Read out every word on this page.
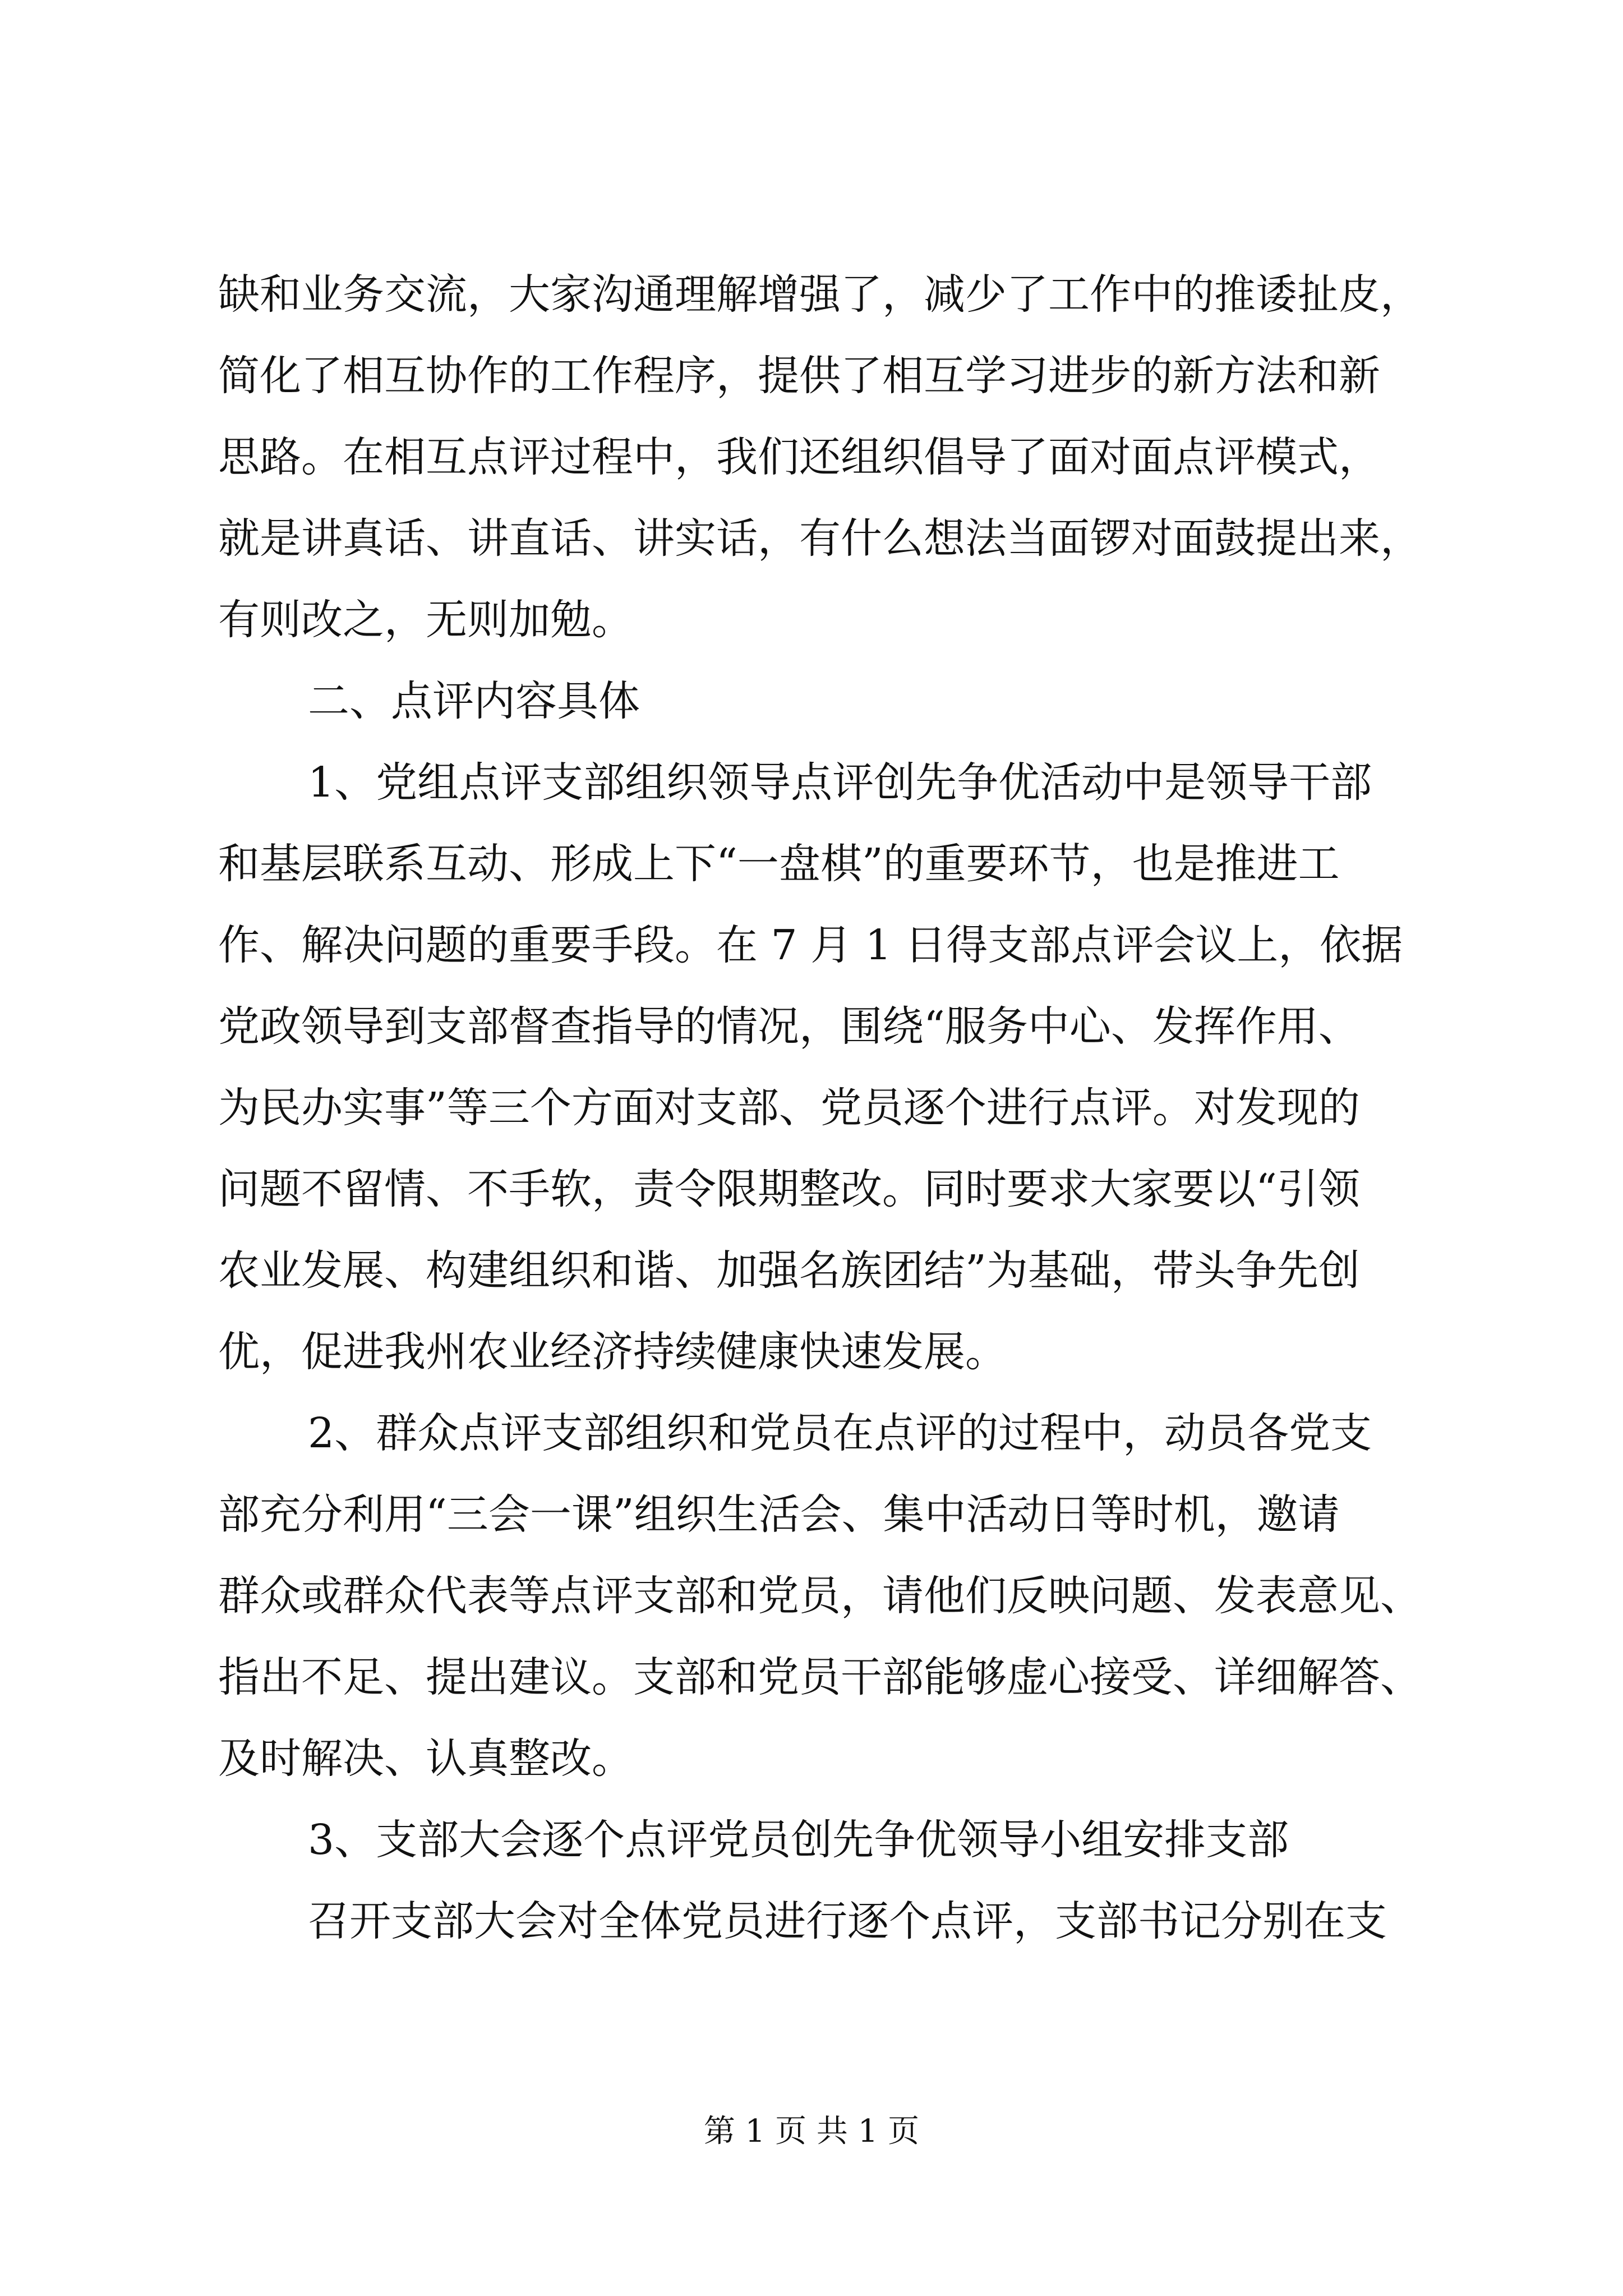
缺和业务交流，大家沟通理解增强了，减少了工作中的推诿扯皮，
简化了相互协作的工作程序，提供了相互学习进步的新方法和新
思路。在相互点评过程中，我们还组织倡导了面对面点评模式，
就是讲真话、讲直话、讲实话，有什么想法当面锣对面鼓提出来，
有则改之，无则加勉。
二、点评内容具体
1、党组点评支部组织领导点评创先争优活动中是领导干部
和基层联系互动、形成上下“一盘棋”的重要环节，也是推进工
作、解决问题的重要手段。在 7 月 1 日得支部点评会议上，依据
党政领导到支部督查指导的情况，围绕“服务中心、发挥作用、
为民办实事”等三个方面对支部、党员逐个进行点评。对发现的
问题不留情、不手软，责令限期整改。同时要求大家要以“引领
农业发展、构建组织和谐、加强名族团结”为基础，带头争先创
优，促进我州农业经济持续健康快速发展。
2、群众点评支部组织和党员在点评的过程中，动员各党支
部充分利用“三会一课”组织生活会、集中活动日等时机，邀请
群众或群众代表等点评支部和党员，请他们反映问题、发表意见、
指出不足、提出建议。支部和党员干部能够虚心接受、详细解答、
及时解决、认真整改。
3、支部大会逐个点评党员创先争优领导小组安排支部
召开支部大会对全体党员进行逐个点评，支部书记分别在支
第 1 页 共 1 页
